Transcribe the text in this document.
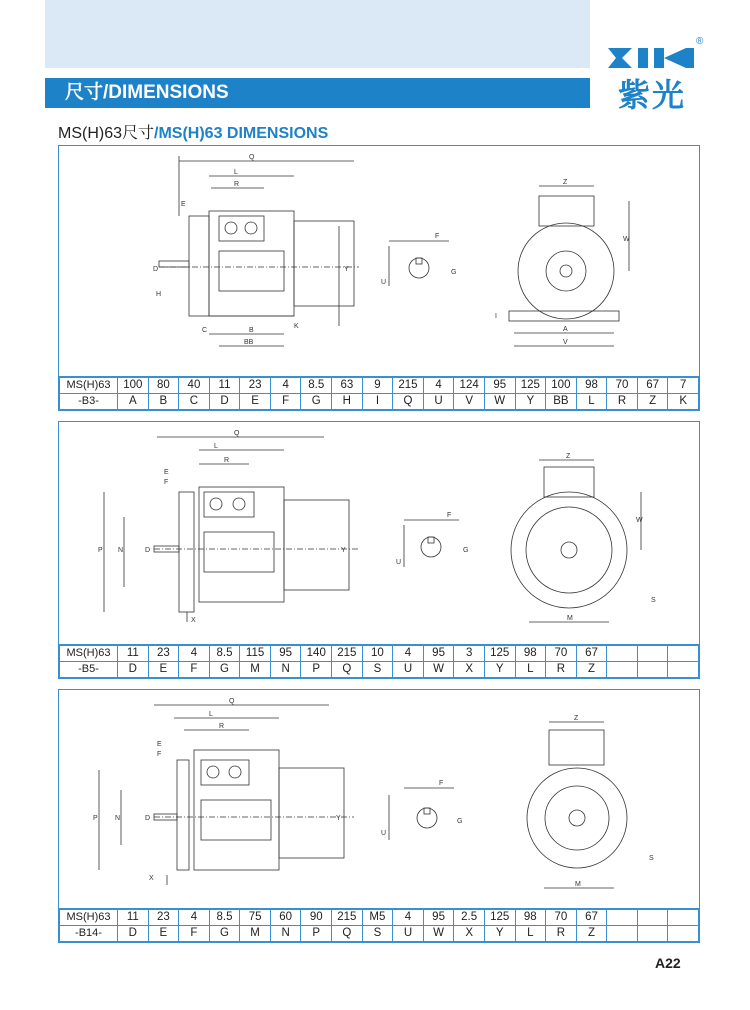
尺寸/DIMENSIONS
®
紫光
MS(H)63尺寸/MS(H)63 DIMENSIONS
Q
L
R
E
D
H
C	B
BB
K
Y
F
U
G
Z
W
I
A
V
MS(H)63	100	80	40	11	23	4	8.5	63	9	215	4	124	95	125	100	98	70	67	7
-B3-	A	B	C	D	E	F	G	H	I	Q	U	V	W	Y	BB	L	R	Z	K
Q
L
R
E
F
P N	D	Y
X
F
U
G
Z
W
M
S
MS(H)63	11	23	4	8.5	115	95	140	215	10	4	95	3	125	98	70	67			
-B5-	D	E	F	G	M	N	P	Q	S	U	W	X	Y	L	R	Z			
Q
L
R
E
F
P N	D	Y
X
F
U
G
Z
M
S
MS(H)63	11	23	4	8.5	75	60	90	215	M5	4	95	2.5	125	98	70	67			
-B14-	D	E	F	G	M	N	P	Q	S	U	W	X	Y	L	R	Z			
A22
